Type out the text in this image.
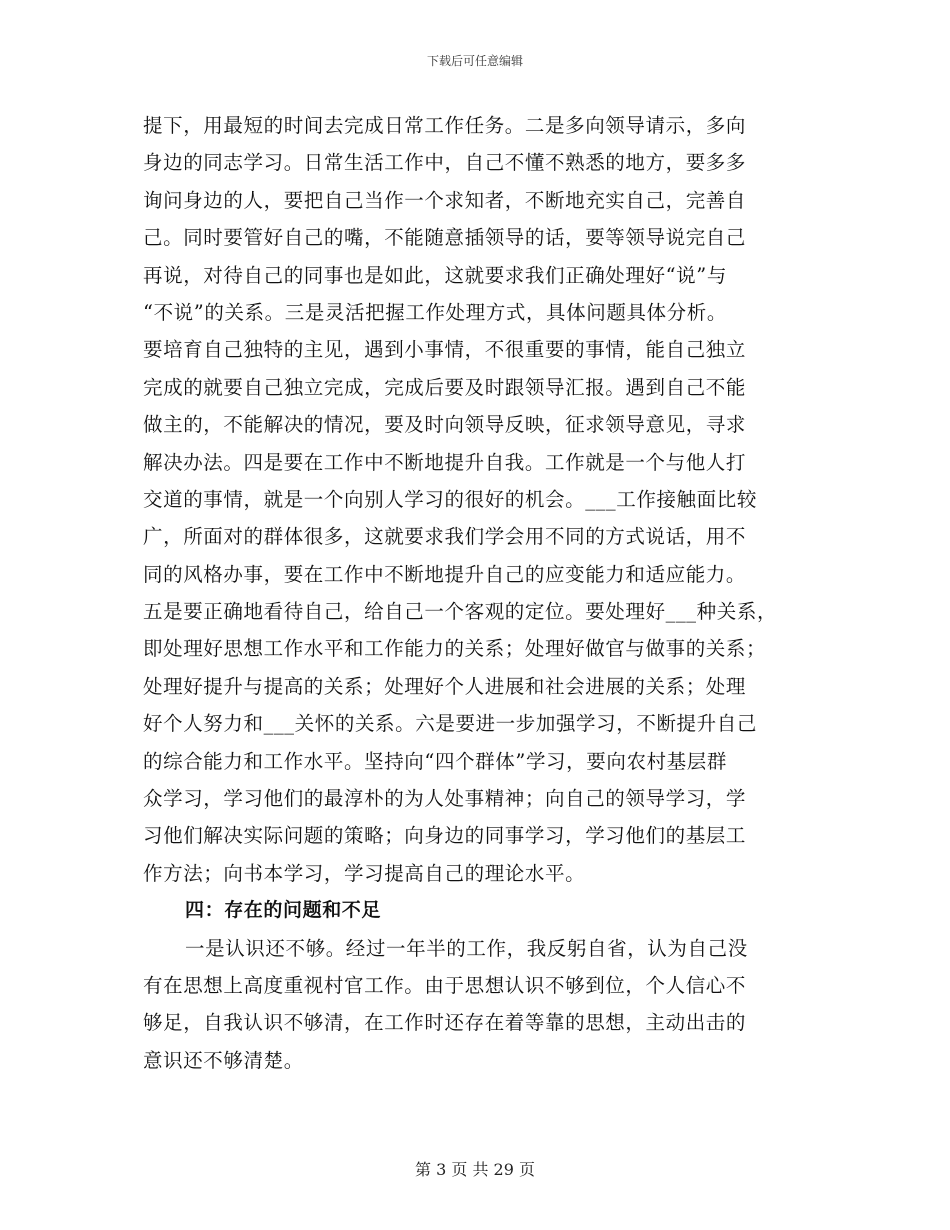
下载后可任意编辑
提下，用最短的时间去完成日常工作任务。二是多向领导请示，多向
身边的同志学习。日常生活工作中，自己不懂不熟悉的地方，要多多
询问身边的人，要把自己当作一个求知者，不断地充实自己，完善自
己。同时要管好自己的嘴，不能随意插领导的话，要等领导说完自己
再说，对待自己的同事也是如此，这就要求我们正确处理好“说”与
“不说”的关系。三是灵活把握工作处理方式，具体问题具体分析。
要培育自己独特的主见，遇到小事情，不很重要的事情，能自己独立
完成的就要自己独立完成，完成后要及时跟领导汇报。遇到自己不能
做主的，不能解决的情况，要及时向领导反映，征求领导意见，寻求
解决办法。四是要在工作中不断地提升自我。工作就是一个与他人打
交道的事情，就是一个向别人学习的很好的机会。___工作接触面比较
广，所面对的群体很多，这就要求我们学会用不同的方式说话，用不
同的风格办事，要在工作中不断地提升自己的应变能力和适应能力。
五是要正确地看待自己，给自己一个客观的定位。要处理好___种关系，
即处理好思想工作水平和工作能力的关系；处理好做官与做事的关系；
处理好提升与提高的关系；处理好个人进展和社会进展的关系；处理
好个人努力和___关怀的关系。六是要进一步加强学习，不断提升自己
的综合能力和工作水平。坚持向“四个群体”学习，要向农村基层群
众学习，学习他们的最淳朴的为人处事精神；向自己的领导学习，学
习他们解决实际问题的策略；向身边的同事学习，学习他们的基层工
作方法；向书本学习，学习提高自己的理论水平。
四：存在的问题和不足
一是认识还不够。经过一年半的工作，我反躬自省，认为自己没
有在思想上高度重视村官工作。由于思想认识不够到位，个人信心不
够足，自我认识不够清，在工作时还存在着等靠的思想，主动出击的
意识还不够清楚。
第 3 页 共 29 页
